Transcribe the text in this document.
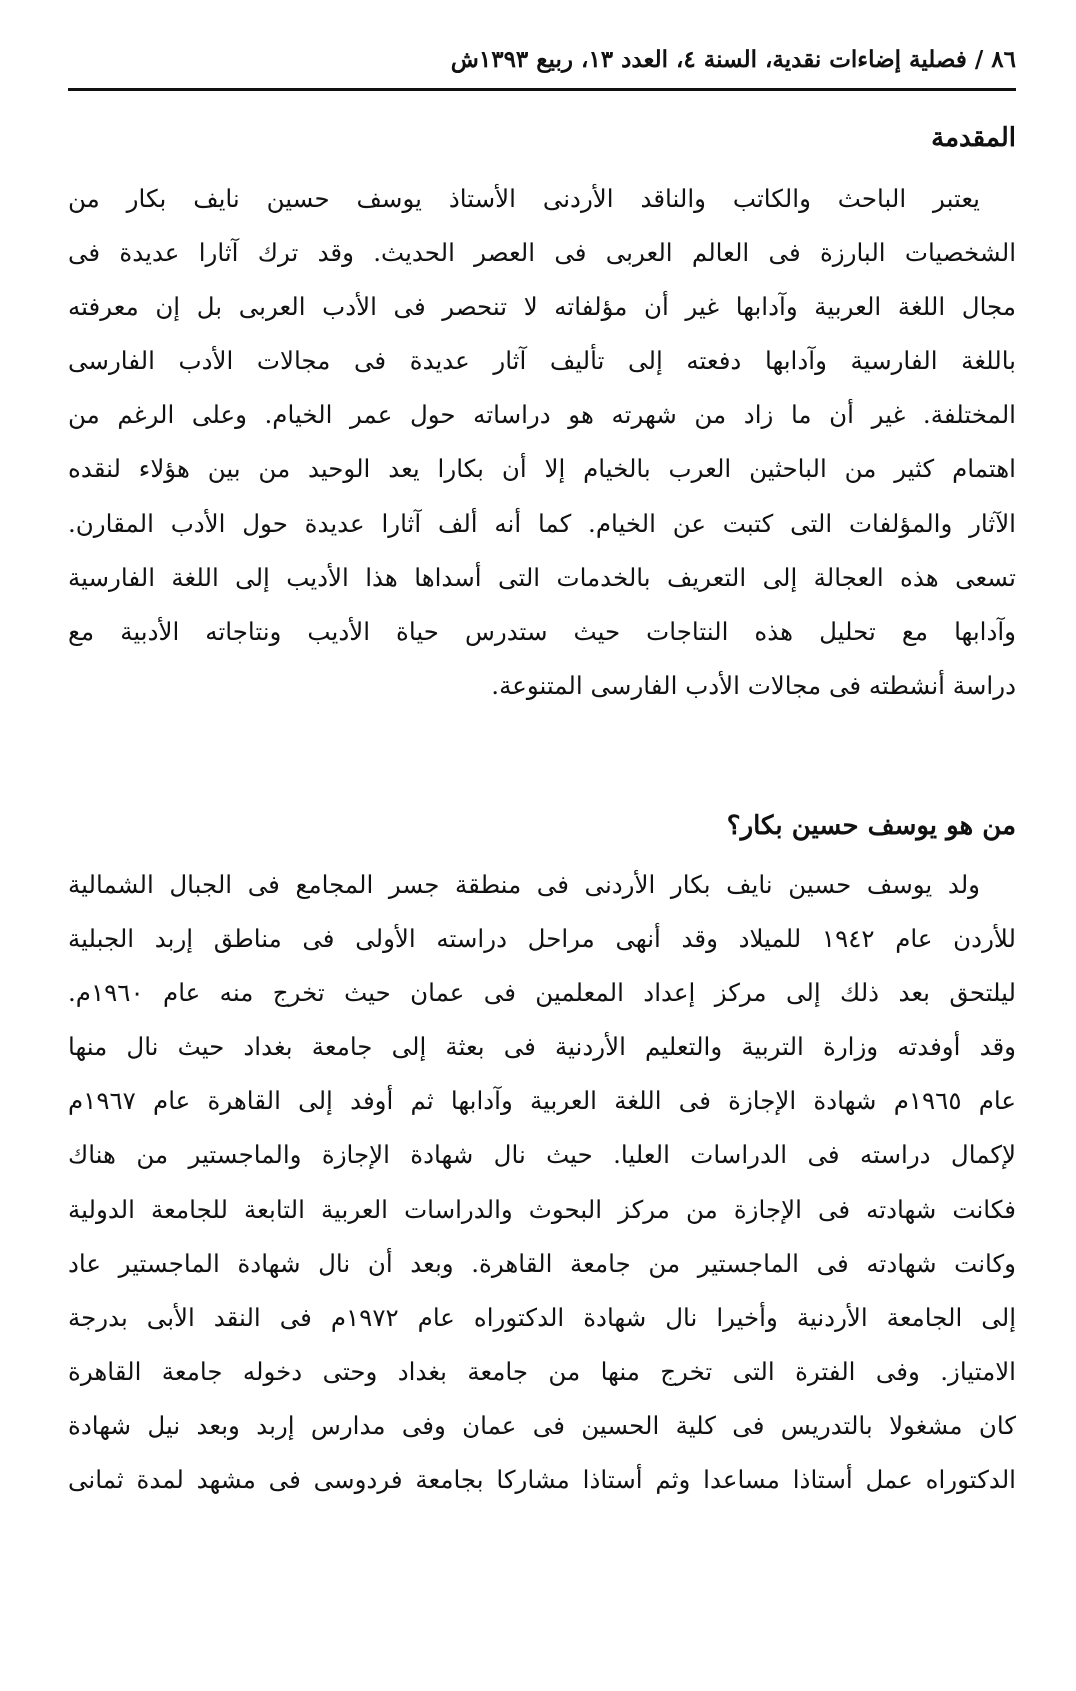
٨٦ / فصلية إضاءات نقدية، السنة ٤، العدد ١٣، ربيع ١٣٩٣ش
المقدمة
يعتبر الباحث والكاتب والناقد الأردنى الأستاذ يوسف حسين نايف بكار من
الشخصيات البارزة فى العالم العربى فى العصر الحديث. وقد ترك آثارا عديدة فى
مجال اللغة العربية وآدابها غير أن مؤلفاته لا تنحصر فى الأدب العربى بل إن معرفته
باللغة الفارسية وآدابها دفعته إلى تأليف آثار عديدة فى مجالات الأدب الفارسى
المختلفة. غير أن ما زاد من شهرته هو دراساته حول عمر الخيام. وعلى الرغم من
اهتمام كثير من الباحثين العرب بالخيام إلا أن بكارا يعد الوحيد من بين هؤلاء لنقده
الآثار والمؤلفات التى كتبت عن الخيام. كما أنه ألف آثارا عديدة حول الأدب المقارن.
تسعى هذه العجالة إلى التعريف بالخدمات التى أسداها هذا الأديب إلى اللغة الفارسية
وآدابها مع تحليل هذه النتاجات حيث ستدرس حياة الأديب ونتاجاته الأدبية مع
دراسة أنشطته فى مجالات الأدب الفارسى المتنوعة.
من هو يوسف حسين بكار؟
ولد يوسف حسين نايف بكار الأردنى فى منطقة جسر المجامع فى الجبال الشمالية
للأردن عام ١٩٤٢ للميلاد وقد أنهى مراحل دراسته الأولى فى مناطق إربد الجبلية
ليلتحق بعد ذلك إلى مركز إعداد المعلمين فى عمان حيث تخرج منه عام ١٩٦٠م.
وقد أوفدته وزارة التربية والتعليم الأردنية فى بعثة إلى جامعة بغداد حيث نال منها
عام ١٩٦٥م شهادة الإجازة فى اللغة العربية وآدابها ثم أوفد إلى القاهرة عام ١٩٦٧م
لإكمال دراسته فى الدراسات العليا. حيث نال شهادة الإجازة والماجستير من هناك
فكانت شهادته فى الإجازة من مركز البحوث والدراسات العربية التابعة للجامعة الدولية
وكانت شهادته فى الماجستير من جامعة القاهرة. وبعد أن نال شهادة الماجستير عاد
إلى الجامعة الأردنية وأخيرا نال شهادة الدكتوراه عام ١٩٧٢م فى النقد الأبى بدرجة
الامتياز. وفى الفترة التى تخرج منها من جامعة بغداد وحتى دخوله جامعة القاهرة
كان مشغولا بالتدريس فى كلية الحسين فى عمان وفى مدارس إربد وبعد نيل شهادة
الدكتوراه عمل أستاذا مساعدا وثم أستاذا مشاركا بجامعة فردوسى فى مشهد لمدة ثمانى
